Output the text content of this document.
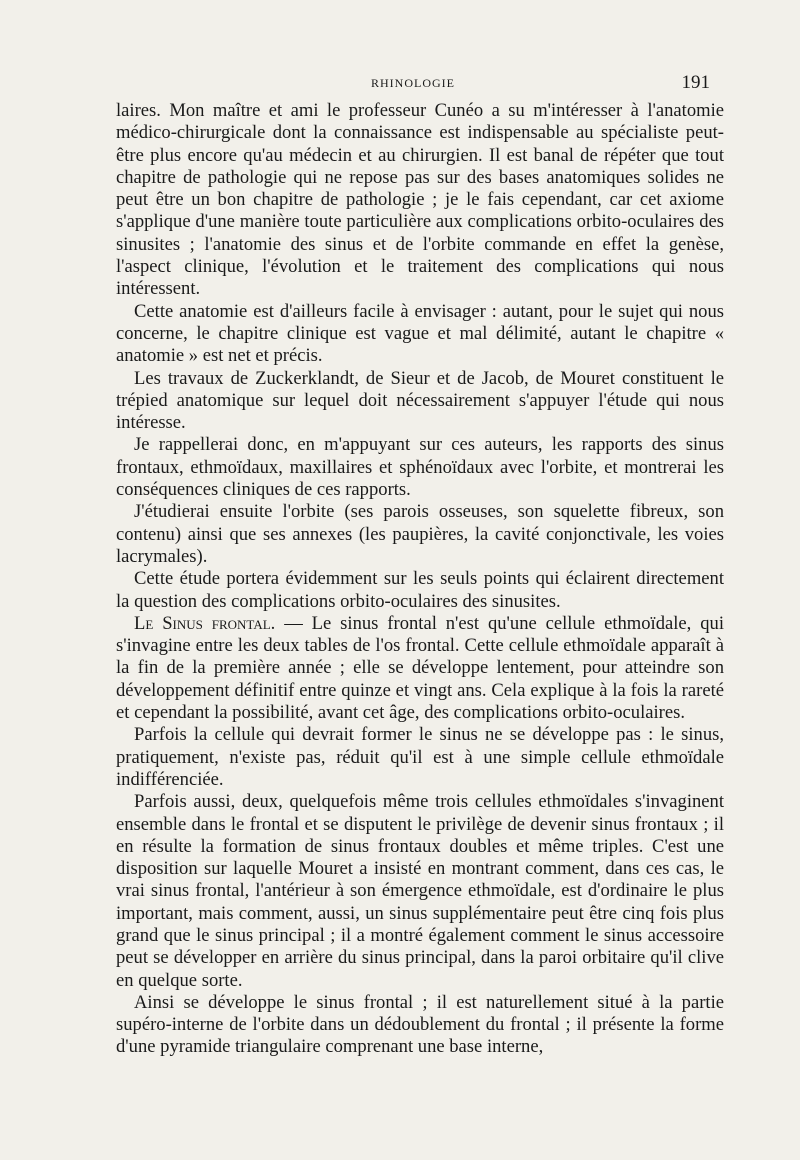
RHINOLOGIE	191

laires. Mon maître et ami le professeur Cunéo a su m'intéresser à l'anatomie médico-chirurgicale dont la connaissance est indispensable au spécialiste peut-être plus encore qu'au médecin et au chirurgien. Il est banal de répéter que tout chapitre de pathologie qui ne repose pas sur des bases anatomiques solides ne peut être un bon chapitre de pathologie ; je le fais cependant, car cet axiome s'applique d'une manière toute particulière aux complications orbito-oculaires des sinusites ; l'anatomie des sinus et de l'orbite commande en effet la genèse, l'aspect clinique, l'évolution et le traitement des complications qui nous intéressent.

Cette anatomie est d'ailleurs facile à envisager : autant, pour le sujet qui nous concerne, le chapitre clinique est vague et mal délimité, autant le chapitre « anatomie » est net et précis.

Les travaux de Zuckerklandt, de Sieur et de Jacob, de Mouret constituent le trépied anatomique sur lequel doit nécessairement s'appuyer l'étude qui nous intéresse.

Je rappellerai donc, en m'appuyant sur ces auteurs, les rapports des sinus frontaux, ethmoïdaux, maxillaires et sphénoïdaux avec l'orbite, et montrerai les conséquences cliniques de ces rapports.

J'étudierai ensuite l'orbite (ses parois osseuses, son squelette fibreux, son contenu) ainsi que ses annexes (les paupières, la cavité conjonctivale, les voies lacrymales).

Cette étude portera évidemment sur les seuls points qui éclairent directement la question des complications orbito-oculaires des sinusites.

Le Sinus frontal. — Le sinus frontal n'est qu'une cellule ethmoïdale, qui s'invagine entre les deux tables de l'os frontal. Cette cellule ethmoïdale apparaît à la fin de la première année ; elle se développe lentement, pour atteindre son développement définitif entre quinze et vingt ans. Cela explique à la fois la rareté et cependant la possibilité, avant cet âge, des complications orbito-oculaires.

Parfois la cellule qui devrait former le sinus ne se développe pas : le sinus, pratiquement, n'existe pas, réduit qu'il est à une simple cellule ethmoïdale indifférenciée.

Parfois aussi, deux, quelquefois même trois cellules ethmoïdales s'invaginent ensemble dans le frontal et se disputent le privilège de devenir sinus frontaux ; il en résulte la formation de sinus frontaux doubles et même triples. C'est une disposition sur laquelle Mouret a insisté en montrant comment, dans ces cas, le vrai sinus frontal, l'antérieur à son émergence ethmoïdale, est d'ordinaire le plus important, mais comment, aussi, un sinus supplémentaire peut être cinq fois plus grand que le sinus principal ; il a montré également comment le sinus accessoire peut se développer en arrière du sinus principal, dans la paroi orbitaire qu'il clive en quelque sorte.

Ainsi se développe le sinus frontal ; il est naturellement situé à la partie supéro-interne de l'orbite dans un dédoublement du frontal ; il présente la forme d'une pyramide triangulaire comprenant une base interne,
